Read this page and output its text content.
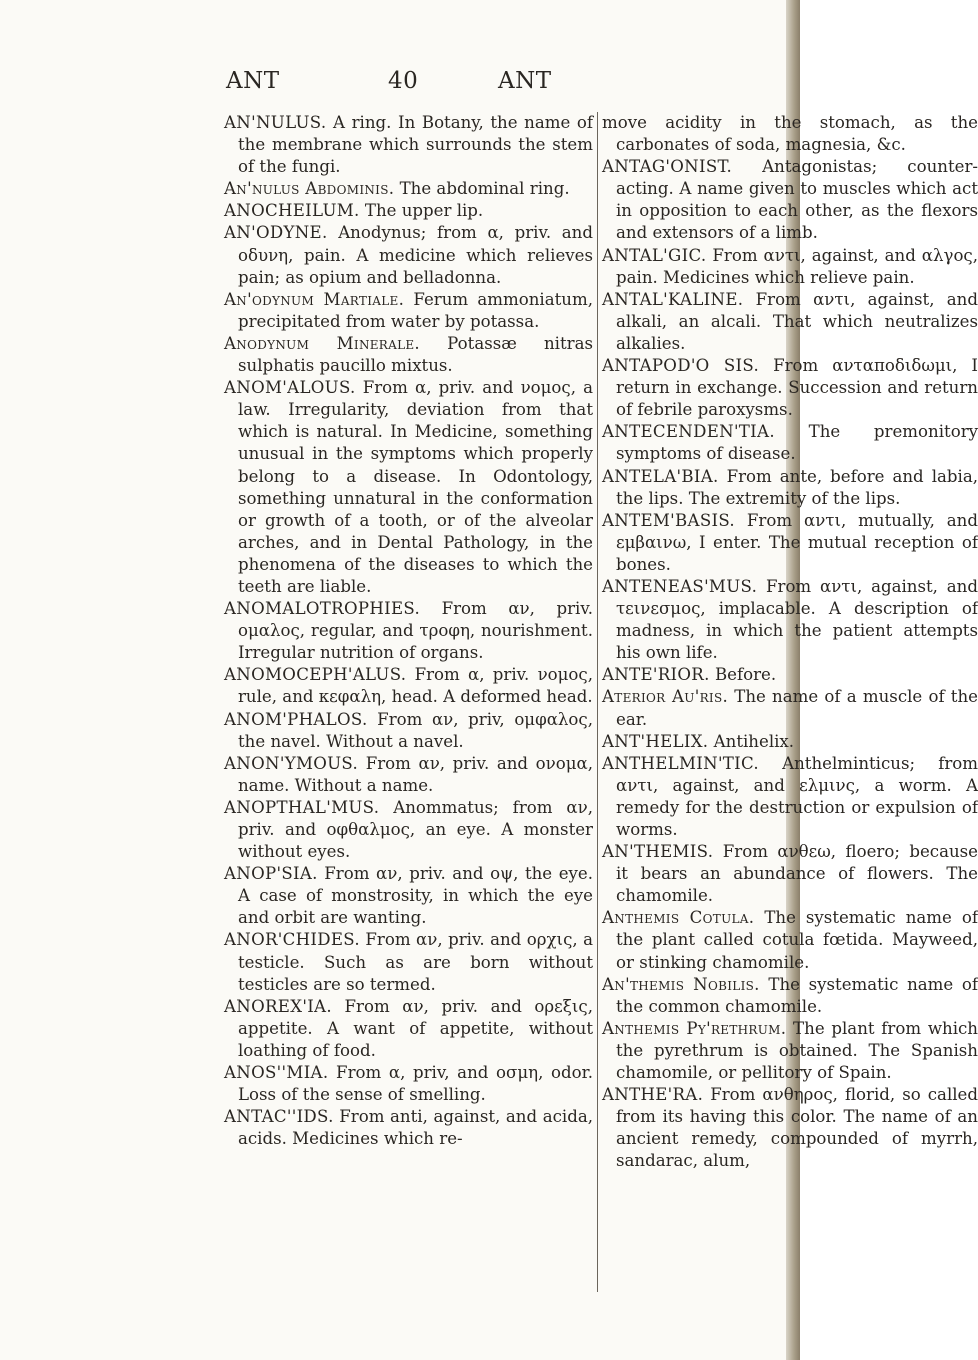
ANT	40	ANT

AN'NULUS. A ring. In Botany, the name of the membrane which surrounds the stem of the fungi.

An'nulus Abdominis. The abdominal ring.

ANOCHEILUM. The upper lip.

AN'ODYNE. Anodynus; from α, priv. and οδυνη, pain. A medicine which relieves pain; as opium and belladonna.

An'odynum Martiale. Ferum ammoniatum, precipitated from water by potassa.

Anodynum Minerale. Potassæ nitras sulphatis paucillo mixtus.

ANOM'ALOUS. From α, priv. and νομος, a law. Irregularity, deviation from that which is natural. In Medicine, something unusual in the symptoms which properly belong to a disease. In Odontology, something unnatural in the conformation or growth of a tooth, or of the alveolar arches, and in Dental Pathology, in the phenomena of the diseases to which the teeth are liable.

ANOMALOTROPHIES. From αν, priv. ομαλος, regular, and τροφη, nourishment. Irregular nutrition of organs.

ANOMOCEPH'ALUS. From α, priv. νομος, rule, and κεφαλη, head. A deformed head.

ANOM'PHALOS. From αν, priv, ομφαλος, the navel. Without a navel.

ANON'YMOUS. From αν, priv. and ονομα, name. Without a name.

ANOPTHAL'MUS. Anommatus; from αν, priv. and οφθαλμος, an eye. A monster without eyes.

ANOP'SIA. From αν, priv. and οψ, the eye. A case of monstrosity, in which the eye and orbit are wanting.

ANOR'CHIDES. From αν, priv. and ορχις, a testicle. Such as are born without testicles are so termed.

ANOREX'IA. From αν, priv. and ορεξις, appetite. A want of appetite, without loathing of food.

ANOS''MIA. From α, priv, and οσμη, odor. Loss of the sense of smelling.

ANTAC''IDS. From anti, against, and acida, acids. Medicines which re-

move acidity in the stomach, as the carbonates of soda, magnesia, &c.

ANTAG'ONIST. Antagonistas; counter-acting. A name given to muscles which act in opposition to each other, as the flexors and extensors of a limb.

ANTAL'GIC. From αντι, against, and αλγος, pain. Medicines which relieve pain.

ANTAL'KALINE. From αντι, against, and alkali, an alcali. That which neutralizes alkalies.

ANTAPOD'O SIS. From ανταποδιδωμι, I return in exchange. Succession and return of febrile paroxysms.

ANTECENDEN'TIA. The premonitory symptoms of disease.

ANTELA'BIA. From ante, before and labia, the lips. The extremity of the lips.

ANTEM'BASIS. From αντι, mutually, and εμβαινω, I enter. The mutual reception of bones.

ANTENEAS'MUS. From αντι, against, and τεινεσμος, implacable. A description of madness, in which the patient attempts his own life.

ANTE'RIOR. Before.

Aterior Au'ris. The name of a muscle of the ear.

ANT'HELIX. Antihelix.

ANTHELMIN'TIC. Anthelminticus; from αντι, against, and ελμινς, a worm. A remedy for the destruction or expulsion of worms.

AN'THEMIS. From ανθεω, floero; because it bears an abundance of flowers. The chamomile.

Anthemis Cotula. The systematic name of the plant called cotula fœtida. Mayweed, or stinking chamomile.

An'themis Nobilis. The systematic name of the common chamomile.

Anthemis Py'rethrum. The plant from which the pyrethrum is obtained. The Spanish chamomile, or pellitory of Spain.

ANTHE'RA. From ανθηρος, florid, so called from its having this color. The name of an ancient remedy, compounded of myrrh, sandarac, alum,
